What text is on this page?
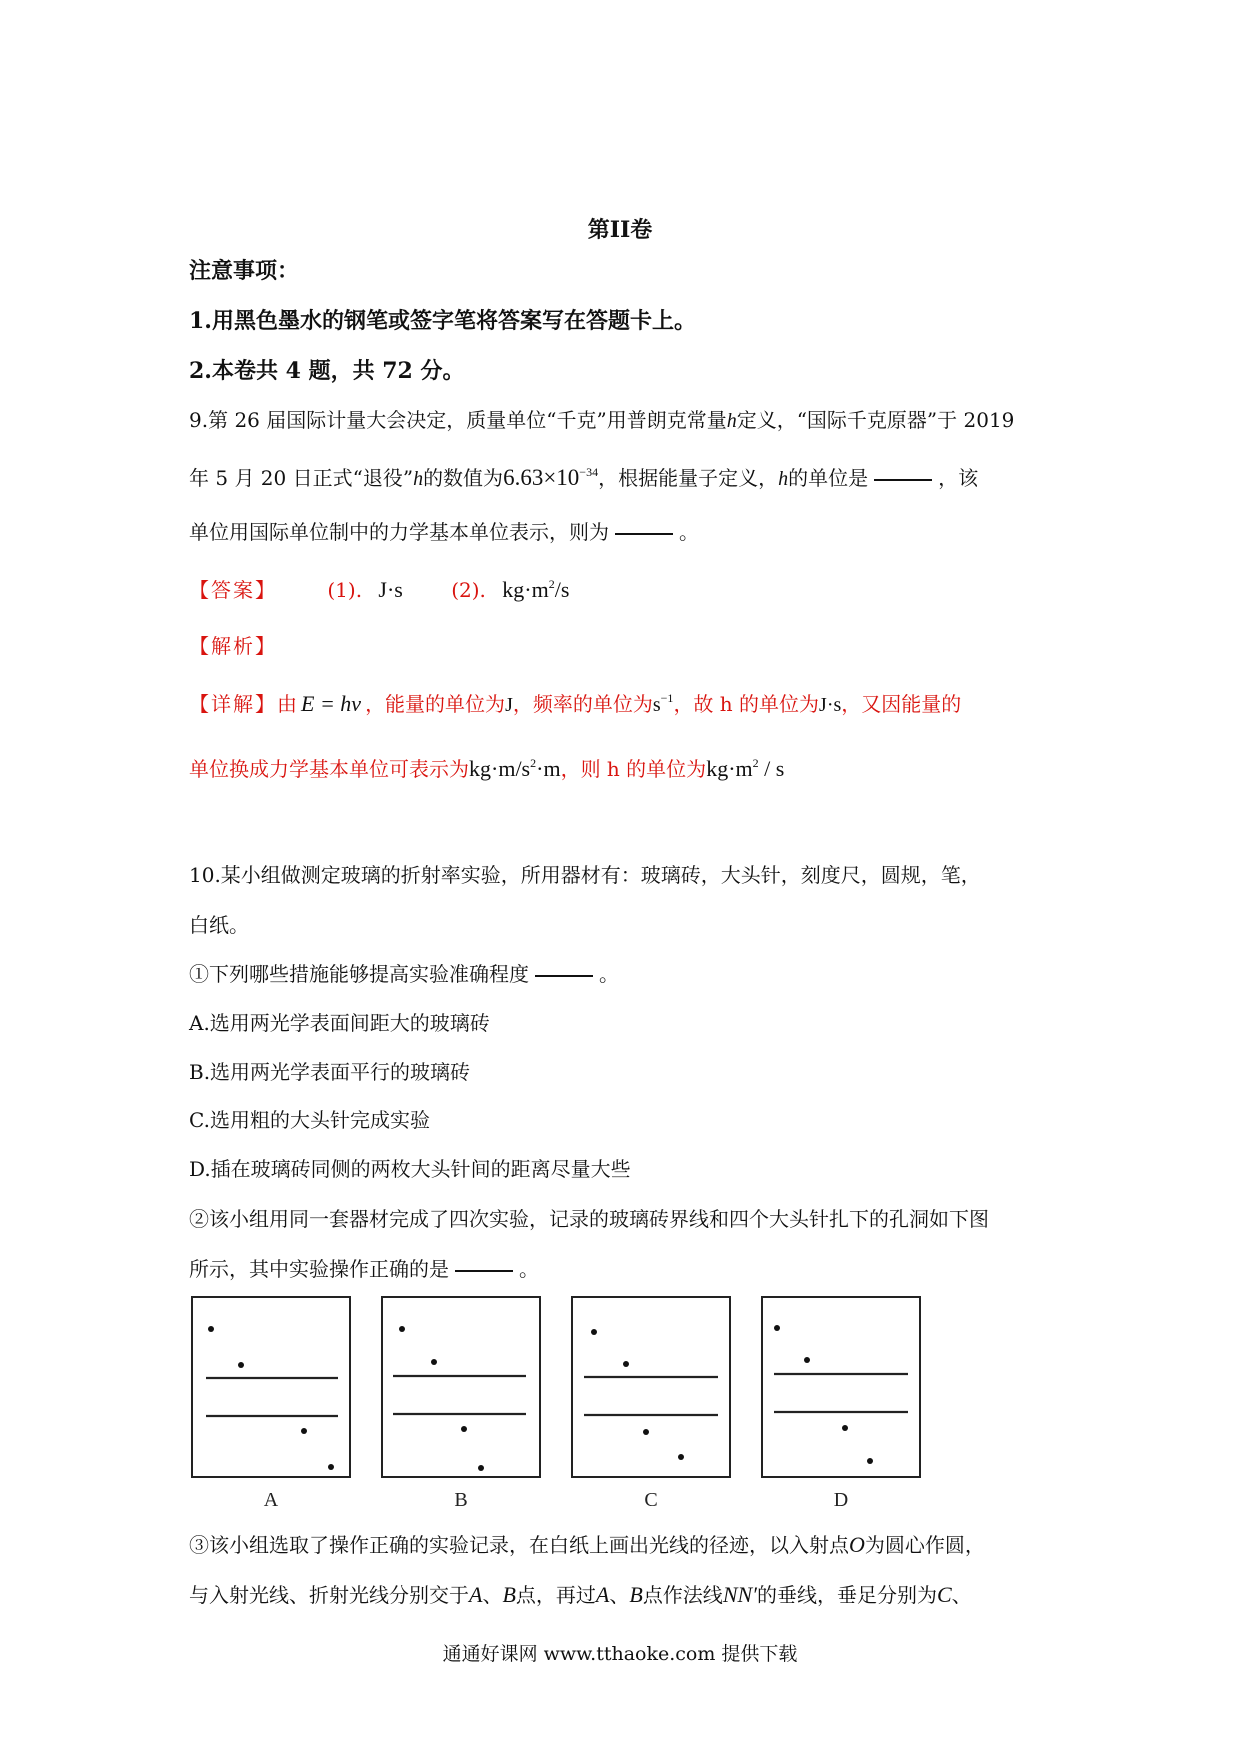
第II卷
注意事项：
1.用黑色墨水的钢笔或签字笔将答案写在答题卡上。
2.本卷共 4 题，共 72 分。
9.第 26 届国际计量大会决定，质量单位“千克”用普朗克常量h定义，“国际千克原器”于 2019
年 5 月 20 日正式“退役”h的数值为$6.63\times 10^{-34}$，根据能量子定义，h的单位是	，该
单位用国际单位制中的力学基本单位表示，则为	。
【答案】	(1). J·s (2). $kg\cdot m^2/s$
【解析】
【详解】由 E = hν ，能量的单位为J，频率的单位为$s^{-1}$，故 h 的单位为J·s，又因能量的
单位换成力学基本单位可表示为$kg\cdot m/s^2\cdot m$，则 h 的单位为$kg\cdot m^2 / s$
10.某小组做测定玻璃的折射率实验，所用器材有：玻璃砖，大头针，刻度尺，圆规，笔，
白纸。
①下列哪些措施能够提高实验准确程度	。
A.选用两光学表面间距大的玻璃砖
B.选用两光学表面平行的玻璃砖
C.选用粗的大头针完成实验
D.插在玻璃砖同侧的两枚大头针间的距离尽量大些
②该小组用同一套器材完成了四次实验，记录的玻璃砖界线和四个大头针扎下的孔洞如下图
所示，其中实验操作正确的是	。
A	B	C	D
③该小组选取了操作正确的实验记录，在白纸上画出光线的径迹，以入射点O为圆心作圆，
与入射光线、折射光线分别交于A、B点，再过A、B点作法线NN′的垂线，垂足分别为C、
通通好课网 www.tthaoke.com 提供下载
